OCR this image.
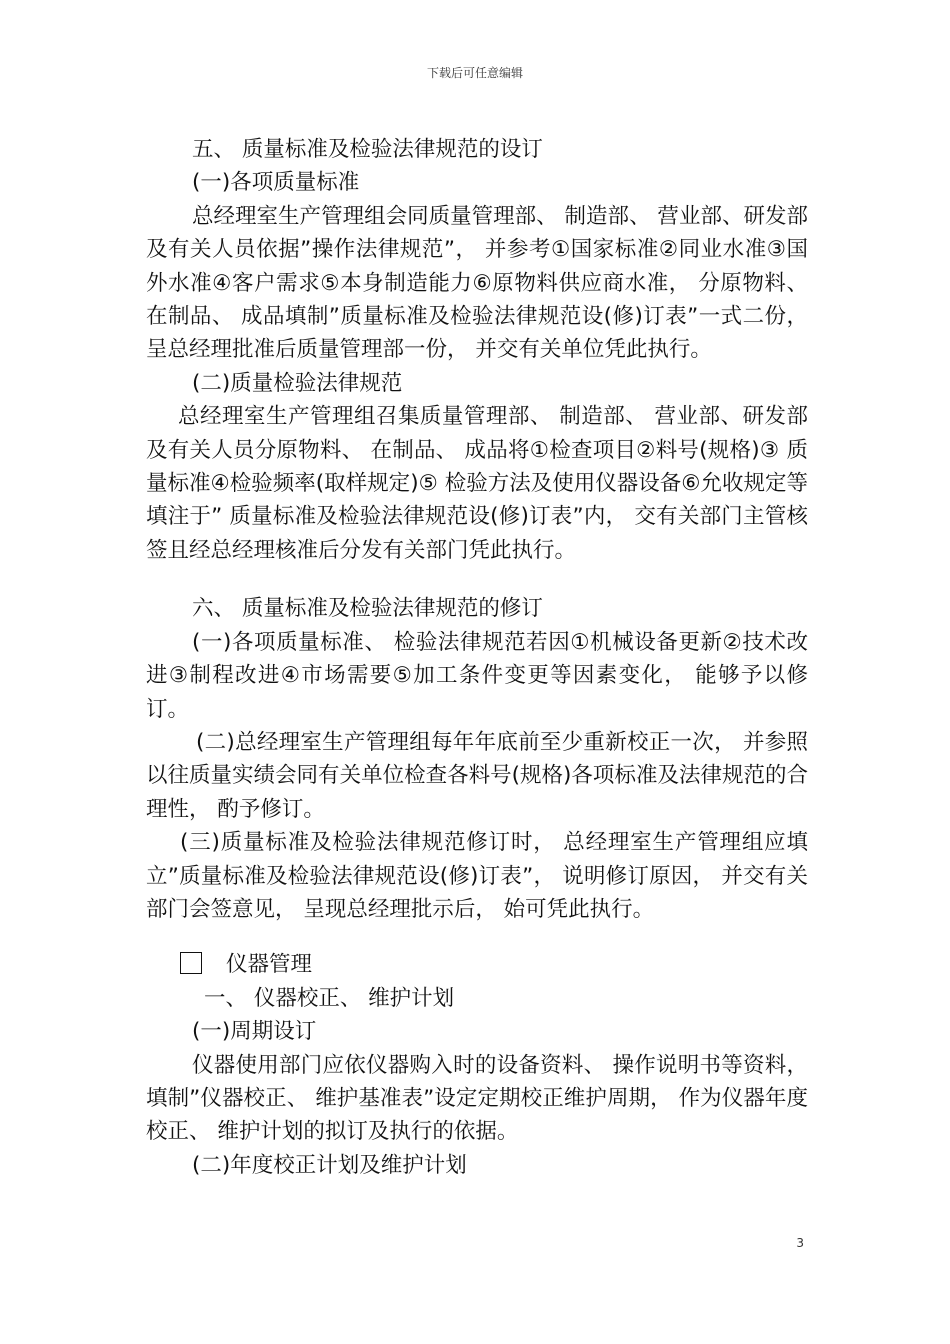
下载后可任意编辑

五、 质量标准及检验法律规范的设订

(一)各项质量标准

总经理室生产管理组会同质量管理部、 制造部、 营业部、研发部及有关人员依据”操作法律规范”， 并参考①国家标准②同业水准③国外水准④客户需求⑤本身制造能力⑥原物料供应商水准， 分原物料、 在制品、 成品填制”质量标准及检验法律规范设(修)订表”一式二份， 呈总经理批准后质量管理部一份， 并交有关单位凭此执行。

(二)质量检验法律规范

总经理室生产管理组召集质量管理部、 制造部、 营业部、研发部及有关人员分原物料、 在制品、 成品将①检查项目②料号(规格)③ 质量标准④检验频率(取样规定)⑤ 检验方法及使用仪器设备⑥允收规定等填注于” 质量标准及检验法律规范设(修)订表”内， 交有关部门主管核签且经总经理核准后分发有关部门凭此执行。

六、 质量标准及检验法律规范的修订

(一)各项质量标准、 检验法律规范若因①机械设备更新②技术改进③制程改进④市场需要⑤加工条件变更等因素变化， 能够予以修订。

(二)总经理室生产管理组每年年底前至少重新校正一次， 并参照以往质量实绩会同有关单位检查各料号(规格)各项标准及法律规范的合理性， 酌予修订。

(三)质量标准及检验法律规范修订时， 总经理室生产管理组应填立”质量标准及检验法律规范设(修)订表”， 说明修订原因， 并交有关部门会签意见， 呈现总经理批示后， 始可凭此执行。

仪器管理

一、 仪器校正、 维护计划

(一)周期设订

仪器使用部门应依仪器购入时的设备资料、 操作说明书等资料， 填制”仪器校正、 维护基准表”设定定期校正维护周期， 作为仪器年度校正、 维护计划的拟订及执行的依据。

(二)年度校正计划及维护计划

3
